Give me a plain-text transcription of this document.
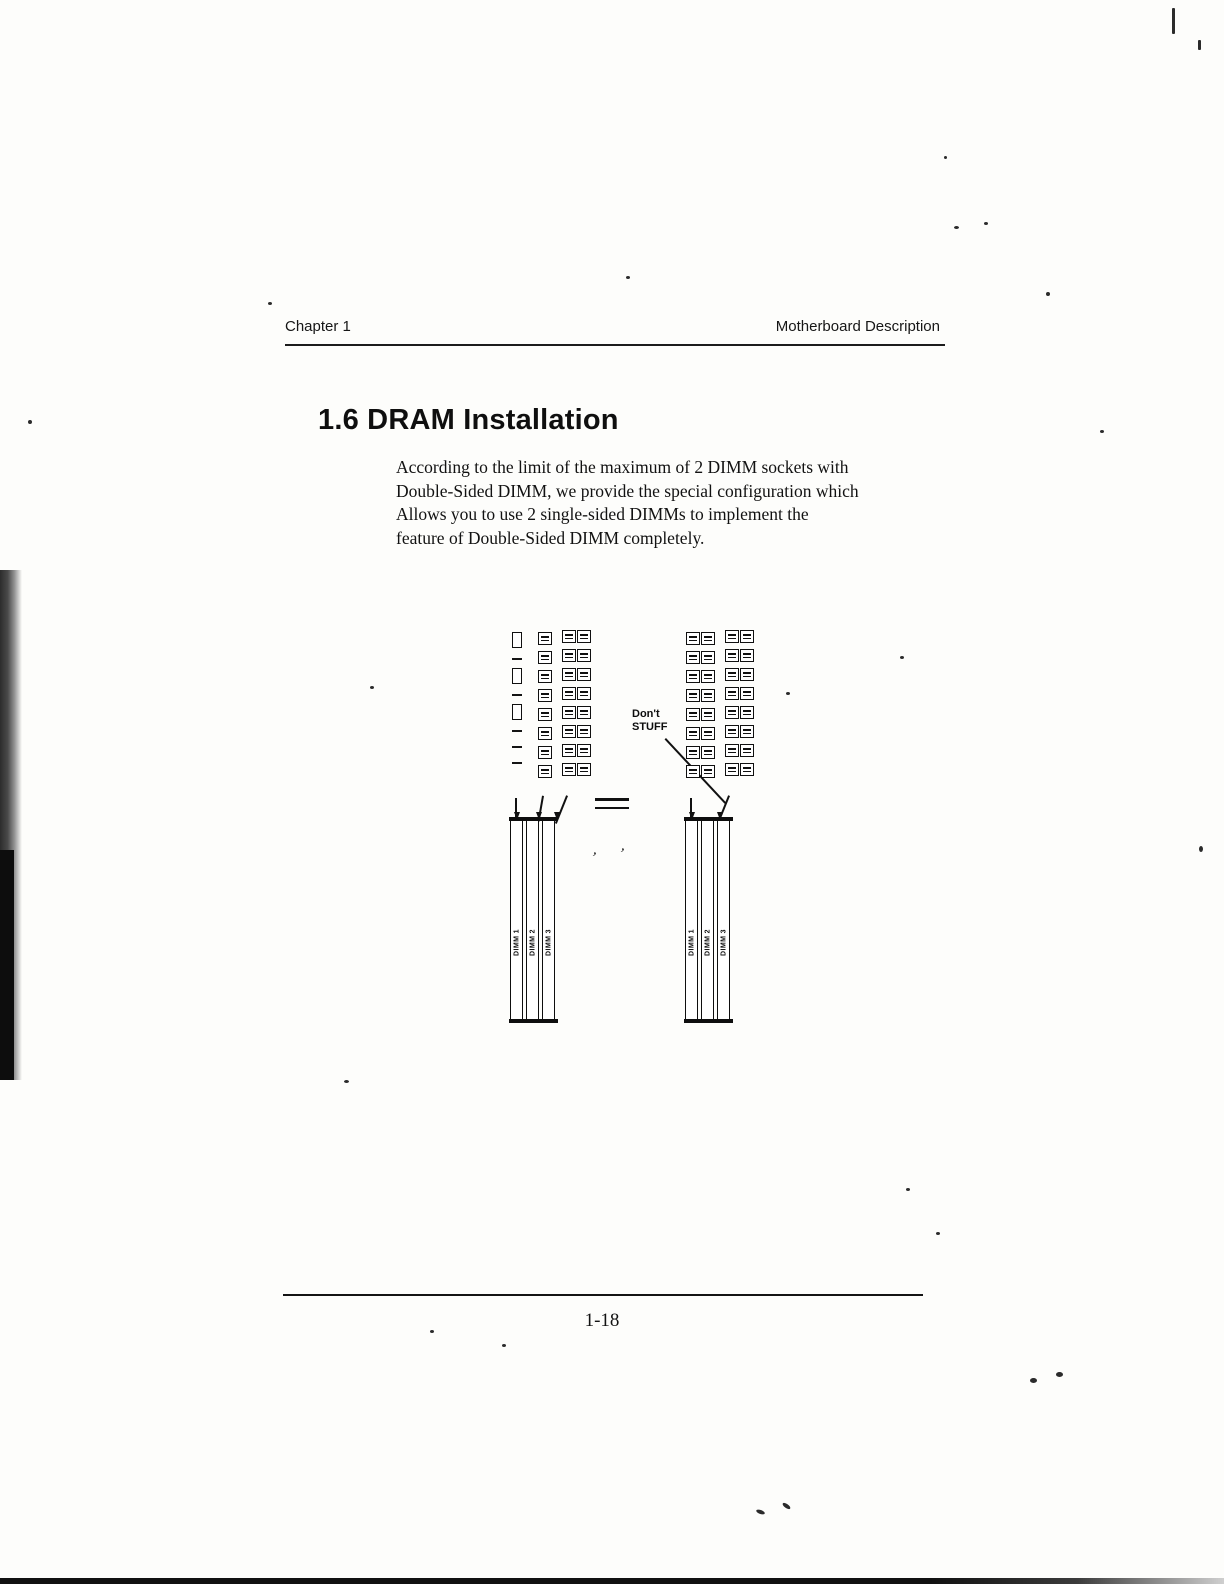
Chapter 1	Motherboard Description
1.6 DRAM Installation
According to the limit of the maximum of 2 DIMM sockets with
Double-Sided DIMM, we provide the special configuration which
Allows you to use 2 single-sided DIMMs to implement the
feature of Double-Sided DIMM completely.
DIMM 1 DIMM 2 DIMM 3
, ,
Don't
STUFF
DIMM 1 DIMM 2 DIMM 3
1-18
